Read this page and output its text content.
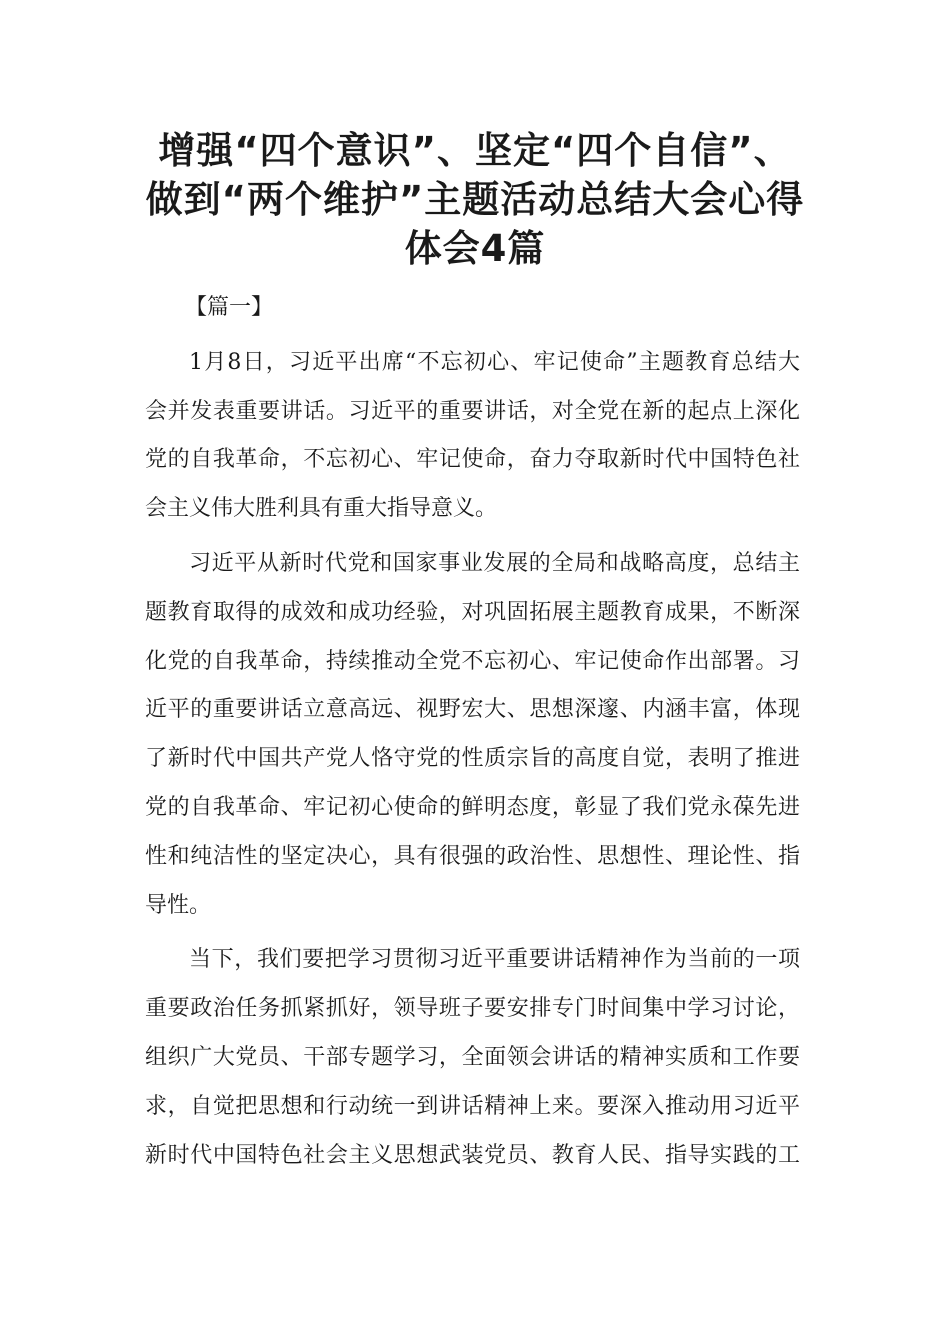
增强“四个意识”、坚定“四个自信”、
做到“两个维护”主题活动总结大会心得
体会4篇

【篇一】

1月8日，习近平出席“不忘初心、牢记使命”主题教育总结大
会并发表重要讲话。习近平的重要讲话，对全党在新的起点上深化
党的自我革命，不忘初心、牢记使命，奋力夺取新时代中国特色社
会主义伟大胜利具有重大指导意义。

习近平从新时代党和国家事业发展的全局和战略高度，总结主
题教育取得的成效和成功经验，对巩固拓展主题教育成果，不断深
化党的自我革命，持续推动全党不忘初心、牢记使命作出部署。习
近平的重要讲话立意高远、视野宏大、思想深邃、内涵丰富，体现
了新时代中国共产党人恪守党的性质宗旨的高度自觉，表明了推进
党的自我革命、牢记初心使命的鲜明态度，彰显了我们党永葆先进
性和纯洁性的坚定决心，具有很强的政治性、思想性、理论性、指
导性。

当下，我们要把学习贯彻习近平重要讲话精神作为当前的一项
重要政治任务抓紧抓好，领导班子要安排专门时间集中学习讨论，
组织广大党员、干部专题学习，全面领会讲话的精神实质和工作要
求，自觉把思想和行动统一到讲话精神上来。要深入推动用习近平
新时代中国特色社会主义思想武装党员、教育人民、指导实践的工
